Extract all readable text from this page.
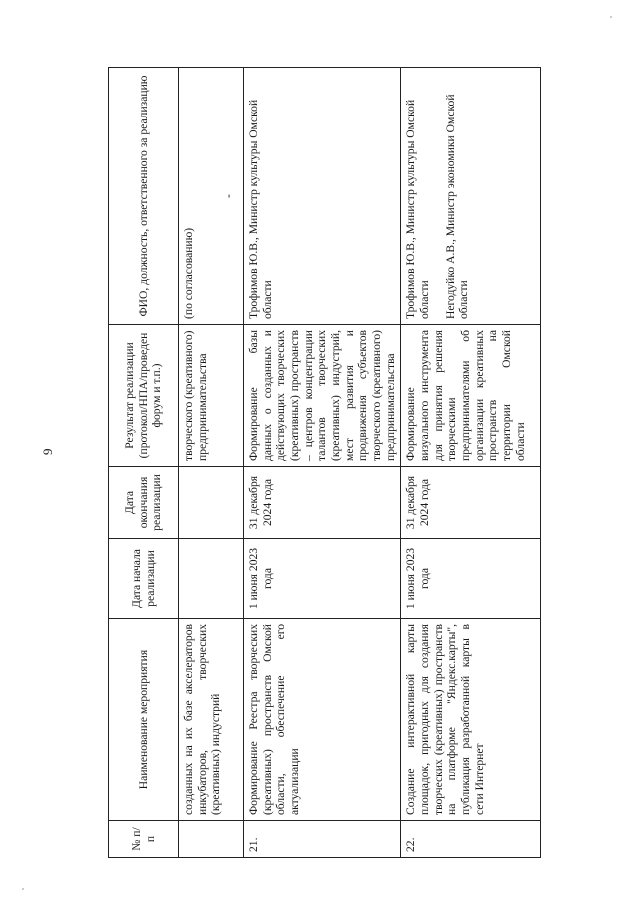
9
№ п/п	Наименование мероприятия	Дата начала реализации	Дата окончания реализации	Результат реализации (протокол/НПА/проведен форум и т.п.)	ФИО, должность, ответственного за реализацию
	созданных на их базе акселераторов инкубаторов, творческих (креативных) индустрий			творческого (креативного) предпринимательства	(по согласованию)
-

21.	Формирование Реестра творческих (креативных) пространств Омской области, обеспечение его актуализации	1 июня 2023 года	31 декабря 2024 года	Формирование базы данных о созданных и действующих творческих (креативных) пространств – центров концентрации талантов творческих (креативных) индустрий, мест развития и продвижения субъектов творческого (креативного) предпринимательства	Трофимов Ю.В., Министр культуры Омской области

22.	Создание интерактивной карты площадок, пригодных для создания творческих (креативных) пространств на платформе "Яндекс.карты", публикация разработанной карты в сети Интернет	1 июня 2023 года	31 декабря 2024 года	Формирование визуального инструмента для принятия решения творческими предпринимателями об организации креативных пространств на территории Омской области	Трофимов Ю.В., Министр культуры Омской области Негодуйко А.В., Министр экономики Омской области
